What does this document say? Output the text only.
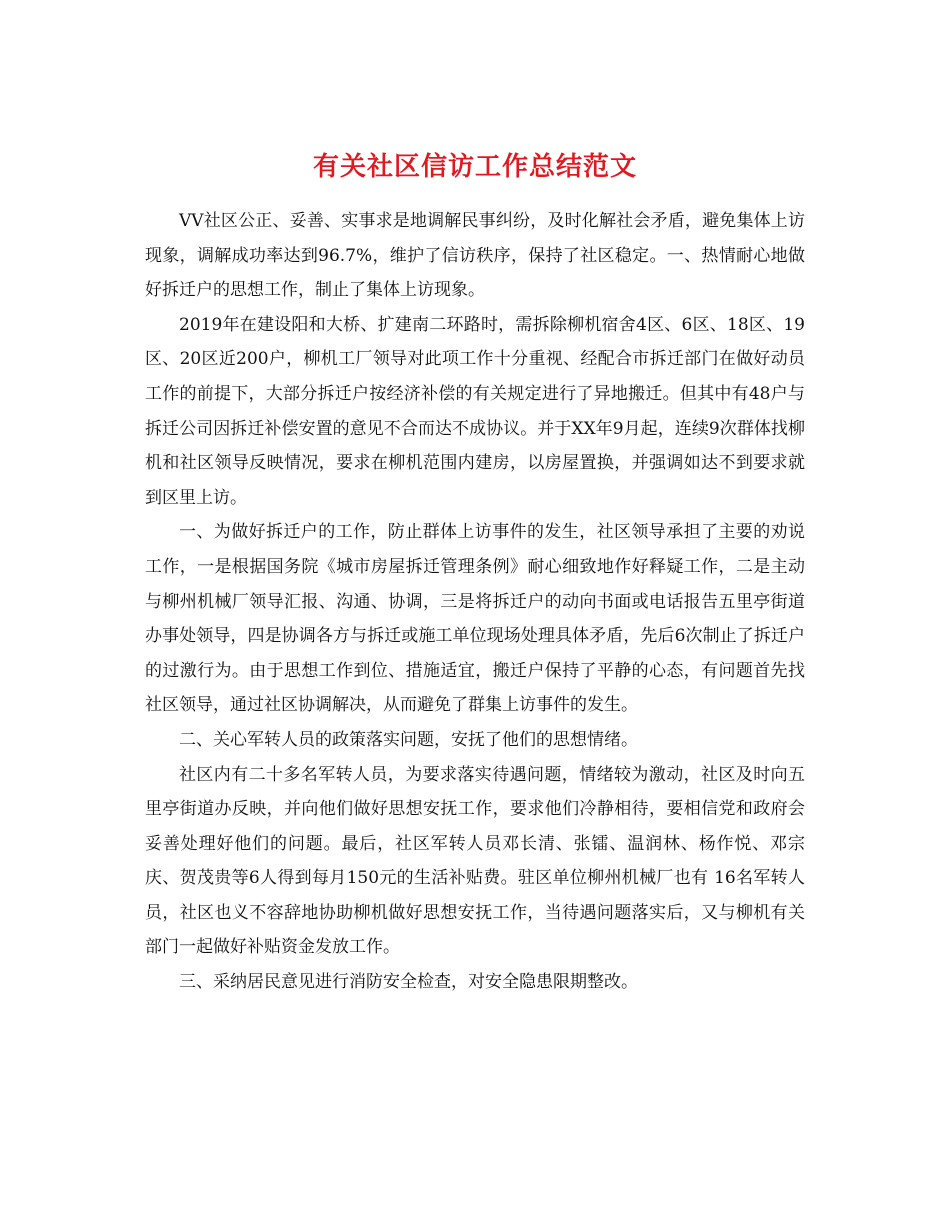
有关社区信访工作总结范文

VV社区公正、妥善、实事求是地调解民事纠纷，及时化解社会矛盾，避免集体上访现象，调解成功率达到96.7%，维护了信访秩序，保持了社区稳定。一、热情耐心地做好拆迁户的思想工作，制止了集体上访现象。

2019年在建设阳和大桥、扩建南二环路时，需拆除柳机宿舍4区、6区、18区、19区、20区近200户，柳机工厂领导对此项工作十分重视、经配合市拆迁部门在做好动员工作的前提下，大部分拆迁户按经济补偿的有关规定进行了异地搬迁。但其中有48户与拆迁公司因拆迁补偿安置的意见不合而达不成协议。并于XX年9月起，连续9次群体找柳机和社区领导反映情况，要求在柳机范围内建房，以房屋置换，并强调如达不到要求就到区里上访。

一、为做好拆迁户的工作，防止群体上访事件的发生，社区领导承担了主要的劝说工作，一是根据国务院《城市房屋拆迁管理条例》耐心细致地作好释疑工作，二是主动与柳州机械厂领导汇报、沟通、协调，三是将拆迁户的动向书面或电话报告五里亭街道办事处领导，四是协调各方与拆迁或施工单位现场处理具体矛盾，先后6次制止了拆迁户的过激行为。由于思想工作到位、措施适宜，搬迁户保持了平静的心态，有问题首先找社区领导，通过社区协调解决，从而避免了群集上访事件的发生。

二、关心军转人员的政策落实问题，安抚了他们的思想情绪。

社区内有二十多名军转人员，为要求落实待遇问题，情绪较为激动，社区及时向五里亭街道办反映，并向他们做好思想安抚工作，要求他们冷静相待，要相信党和政府会妥善处理好他们的问题。最后，社区军转人员邓长清、张镭、温润林、杨作悦、邓宗庆、贺茂贵等6人得到每月150元的生活补贴费。驻区单位柳州机械厂也有 16名军转人员，社区也义不容辞地协助柳机做好思想安抚工作，当待遇问题落实后，又与柳机有关部门一起做好补贴资金发放工作。

三、采纳居民意见进行消防安全检查，对安全隐患限期整改。
